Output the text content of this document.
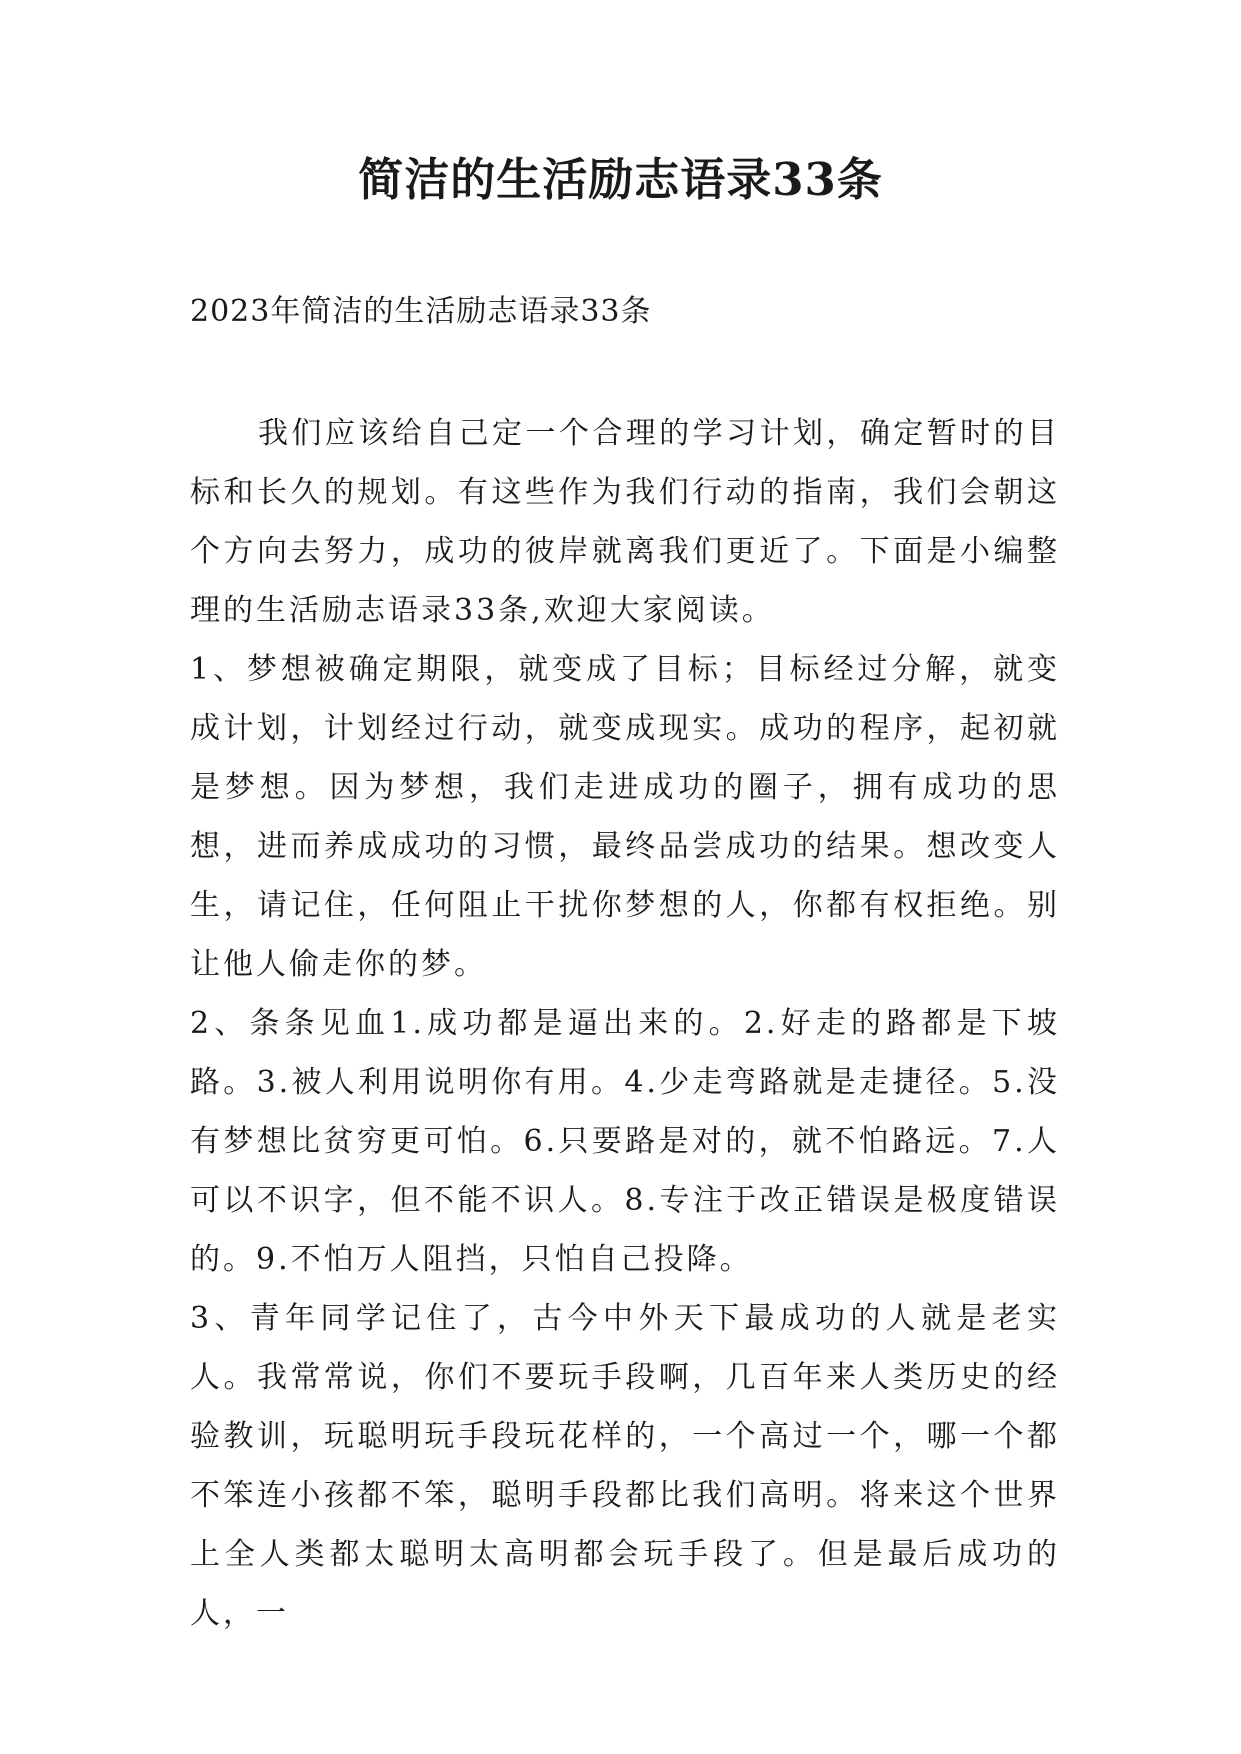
简洁的生活励志语录33条
2023年简洁的生活励志语录33条

我们应该给自己定一个合理的学习计划，确定暂时的目标和长久的规划。有这些作为我们行动的指南，我们会朝这个方向去努力，成功的彼岸就离我们更近了。下面是小编整理的生活励志语录33条,欢迎大家阅读。

1、梦想被确定期限，就变成了目标；目标经过分解，就变成计划，计划经过行动，就变成现实。成功的程序，起初就是梦想。因为梦想，我们走进成功的圈子，拥有成功的思想，进而养成成功的习惯，最终品尝成功的结果。想改变人生，请记住，任何阻止干扰你梦想的人，你都有权拒绝。别让他人偷走你的梦。

2、条条见血1.成功都是逼出来的。2.好走的路都是下坡路。3.被人利用说明你有用。4.少走弯路就是走捷径。5.没有梦想比贫穷更可怕。6.只要路是对的，就不怕路远。7.人可以不识字，但不能不识人。8.专注于改正错误是极度错误的。9.不怕万人阻挡，只怕自己投降。

3、青年同学记住了，古今中外天下最成功的人就是老实人。我常常说，你们不要玩手段啊，几百年来人类历史的经验教训，玩聪明玩手段玩花样的，一个高过一个，哪一个都不笨连小孩都不笨，聪明手段都比我们高明。将来这个世界上全人类都太聪明太高明都会玩手段了。但是最后成功的人，一
